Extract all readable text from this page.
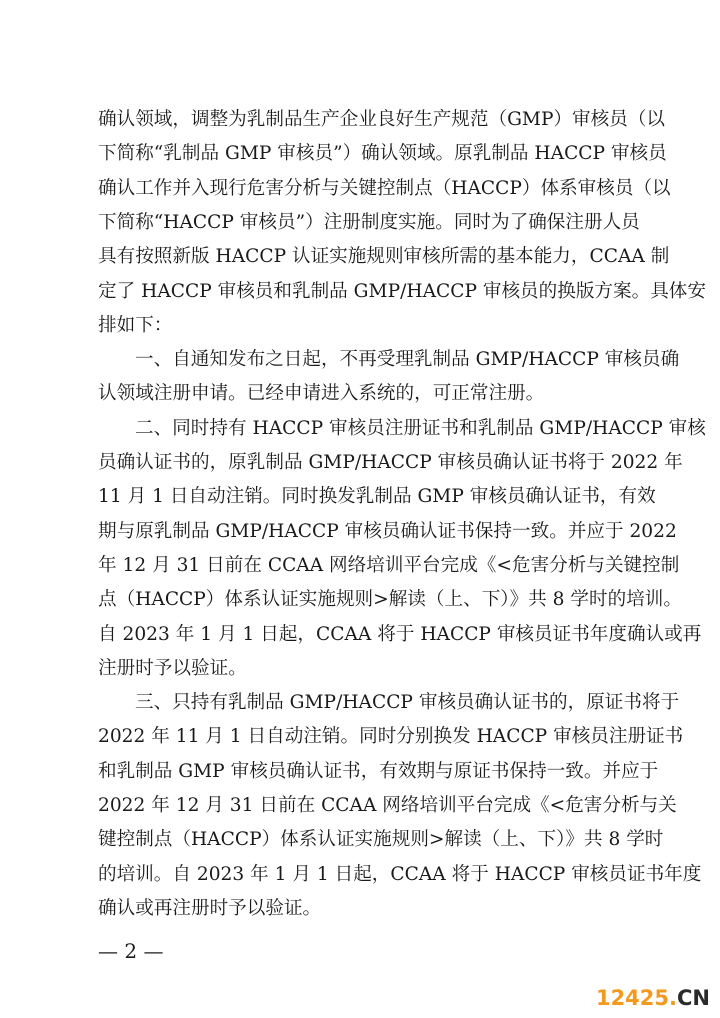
确认领域，调整为乳制品生产企业良好生产规范（GMP）审核员（以
下简称“乳制品 GMP 审核员”）确认领域。原乳制品 HACCP 审核员
确认工作并入现行危害分析与关键控制点（HACCP）体系审核员（以
下简称“HACCP 审核员”）注册制度实施。同时为了确保注册人员
具有按照新版 HACCP 认证实施规则审核所需的基本能力，CCAA 制
定了 HACCP 审核员和乳制品 GMP/HACCP 审核员的换版方案。具体安
排如下：
一、自通知发布之日起，不再受理乳制品 GMP/HACCP 审核员确
认领域注册申请。已经申请进入系统的，可正常注册。
二、同时持有 HACCP 审核员注册证书和乳制品 GMP/HACCP 审核
员确认证书的，原乳制品 GMP/HACCP 审核员确认证书将于 2022 年
11 月 1 日自动注销。同时换发乳制品 GMP 审核员确认证书，有效
期与原乳制品 GMP/HACCP 审核员确认证书保持一致。并应于 2022
年 12 月 31 日前在 CCAA 网络培训平台完成《<危害分析与关键控制
点（HACCP）体系认证实施规则>解读（上、下）》共 8 学时的培训。
自 2023 年 1 月 1 日起，CCAA 将于 HACCP 审核员证书年度确认或再
注册时予以验证。
三、只持有乳制品 GMP/HACCP 审核员确认证书的，原证书将于
2022 年 11 月 1 日自动注销。同时分别换发 HACCP 审核员注册证书
和乳制品 GMP 审核员确认证书，有效期与原证书保持一致。并应于
2022 年 12 月 31 日前在 CCAA 网络培训平台完成《<危害分析与关
键控制点（HACCP）体系认证实施规则>解读（上、下）》共 8 学时
的培训。自 2023 年 1 月 1 日起，CCAA 将于 HACCP 审核员证书年度
确认或再注册时予以验证。
— 2 —
12425.CN
